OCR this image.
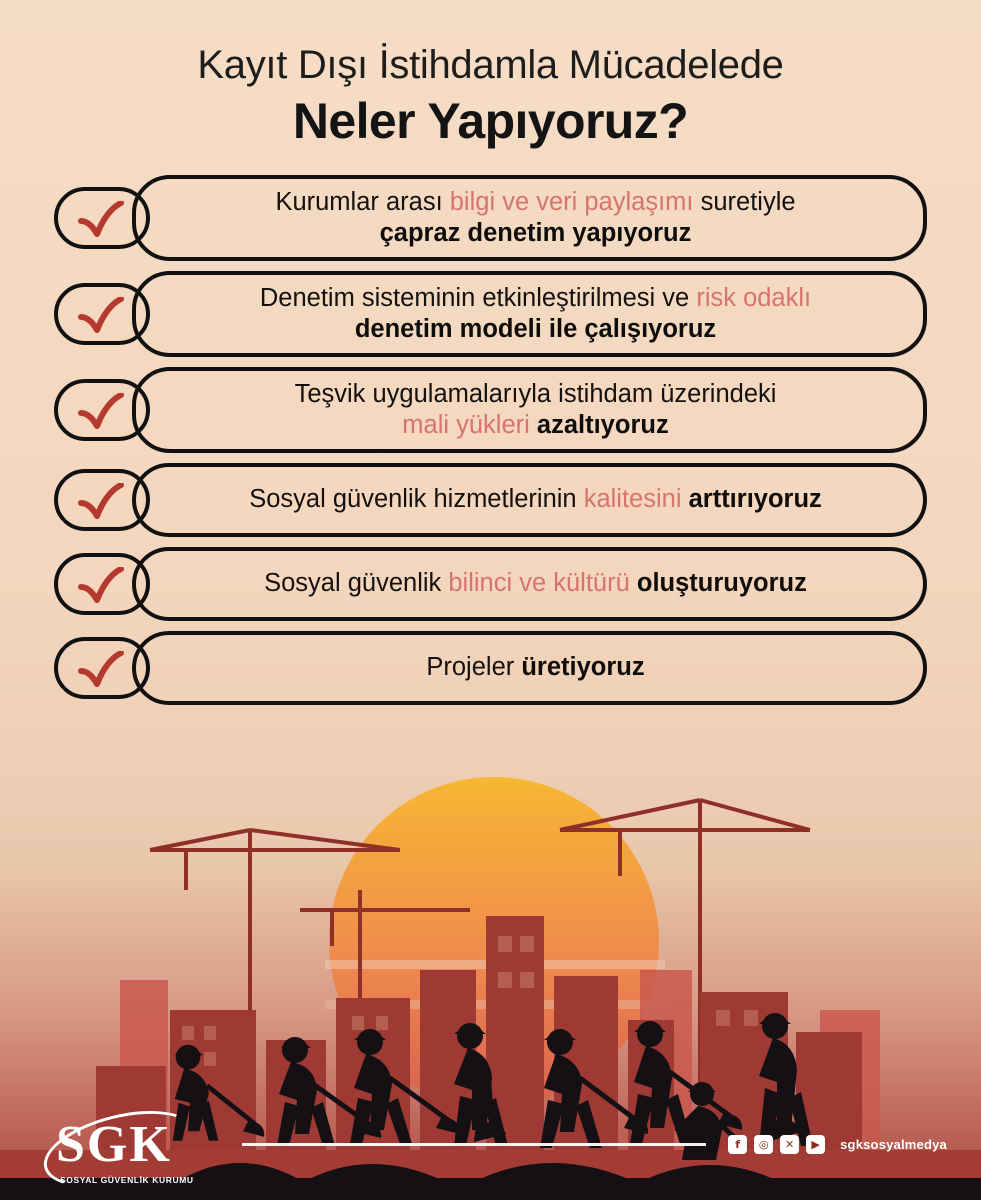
Kayıt Dışı İstihdamla Mücadelede
Neler Yapıyoruz?
Kurumlar arası bilgi ve veri paylaşımı suretiyle
çapraz denetim yapıyoruz
Denetim sisteminin etkinleştirilmesi ve risk odaklı
denetim modeli ile çalışıyoruz
Teşvik uygulamalarıyla istihdam üzerindeki
mali yükleri azaltıyoruz
Sosyal güvenlik hizmetlerinin kalitesini arttırıyoruz
Sosyal güvenlik bilinci ve kültürü oluşturuyoruz
Projeler üretiyoruz
SGK
SOSYAL GÜVENLİK KURUMU
f	◎	✕	▶	sgksosyalmedya
